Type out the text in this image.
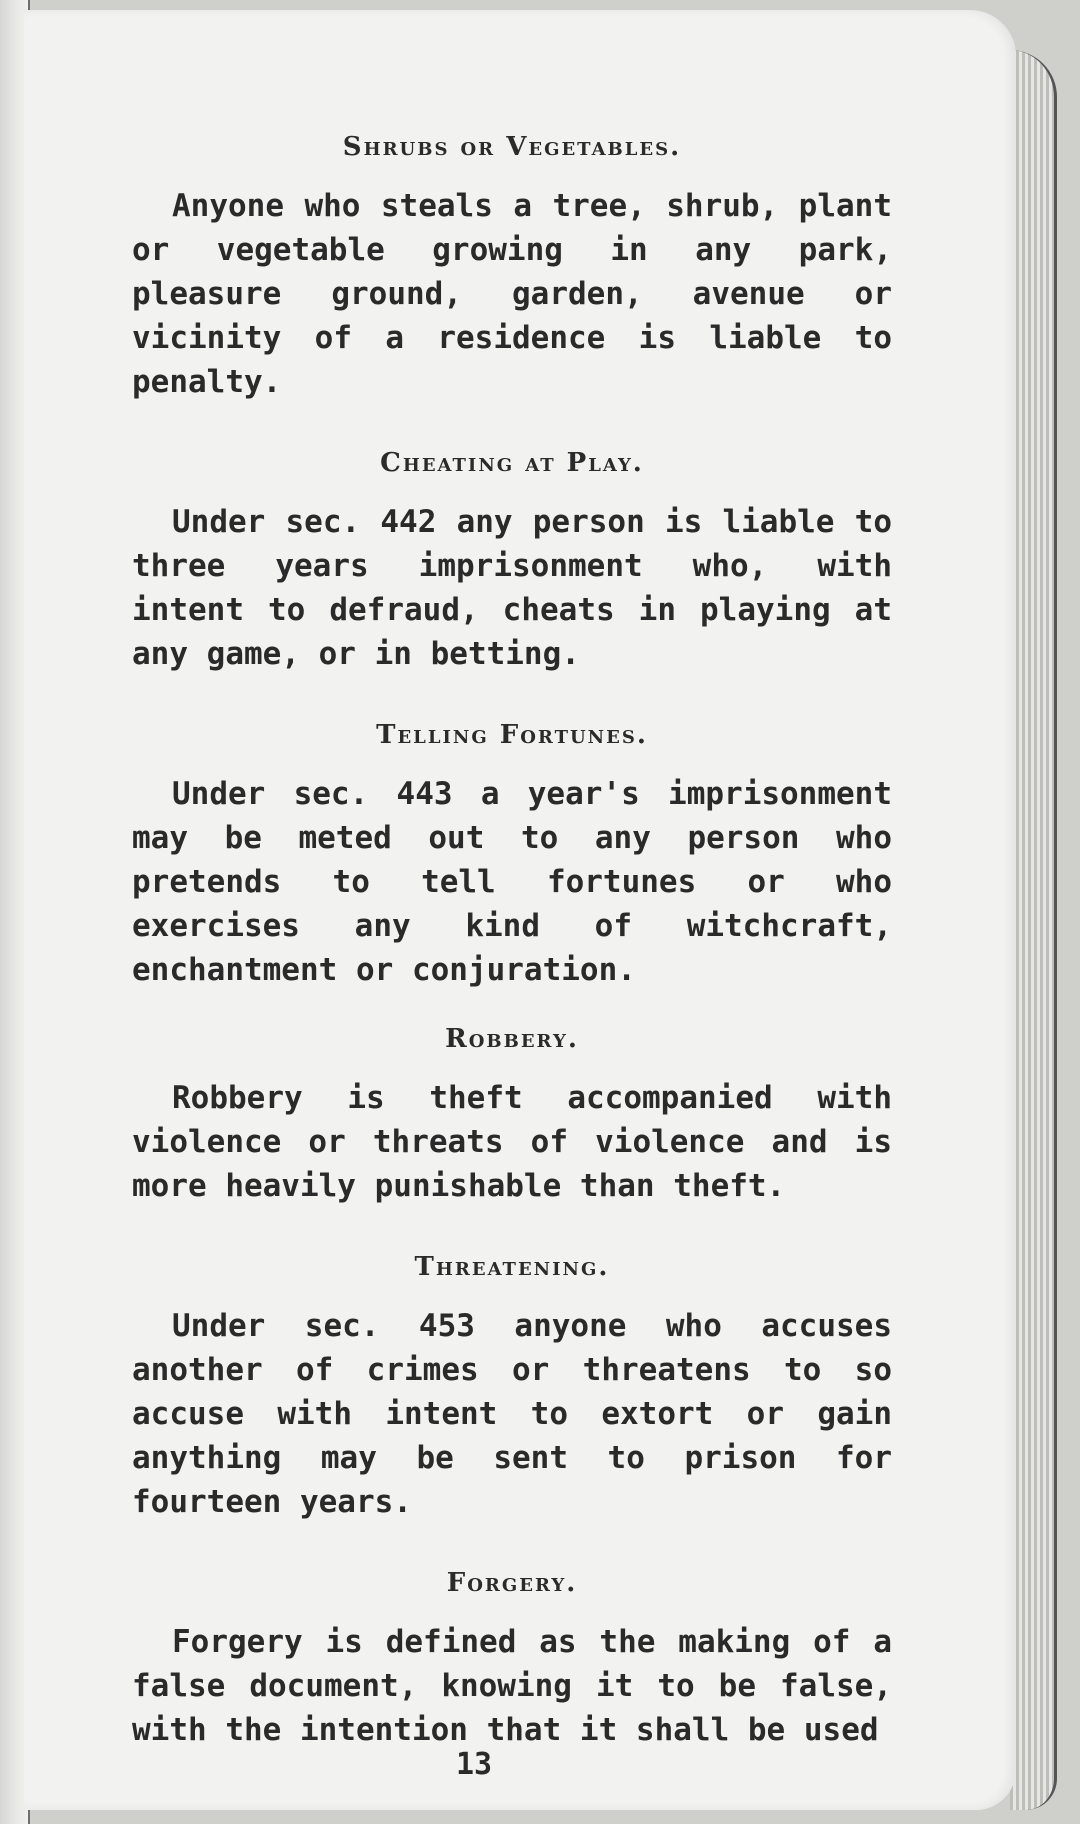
Shrubs or Vegetables.

Anyone who steals a tree, shrub, plant or vegetable growing in any park, pleasure ground, garden, avenue or vicinity of a residence is liable to penalty.

Cheating at Play.

Under sec. 442 any person is liable to three years imprisonment who, with intent to defraud, cheats in playing at any game, or in betting.

Telling Fortunes.

Under sec. 443 a year's imprisonment may be meted out to any person who pretends to tell fortunes or who exercises any kind of witchcraft, enchantment or conjuration.

Robbery.

Robbery is theft accompanied with violence or threats of violence and is more heavily punishable than theft.

Threatening.

Under sec. 453 anyone who accuses another of crimes or threatens to so accuse with intent to extort or gain anything may be sent to prison for fourteen years.

Forgery.

Forgery is defined as the making of a false document, knowing it to be false, with the intention that it shall be used

13
